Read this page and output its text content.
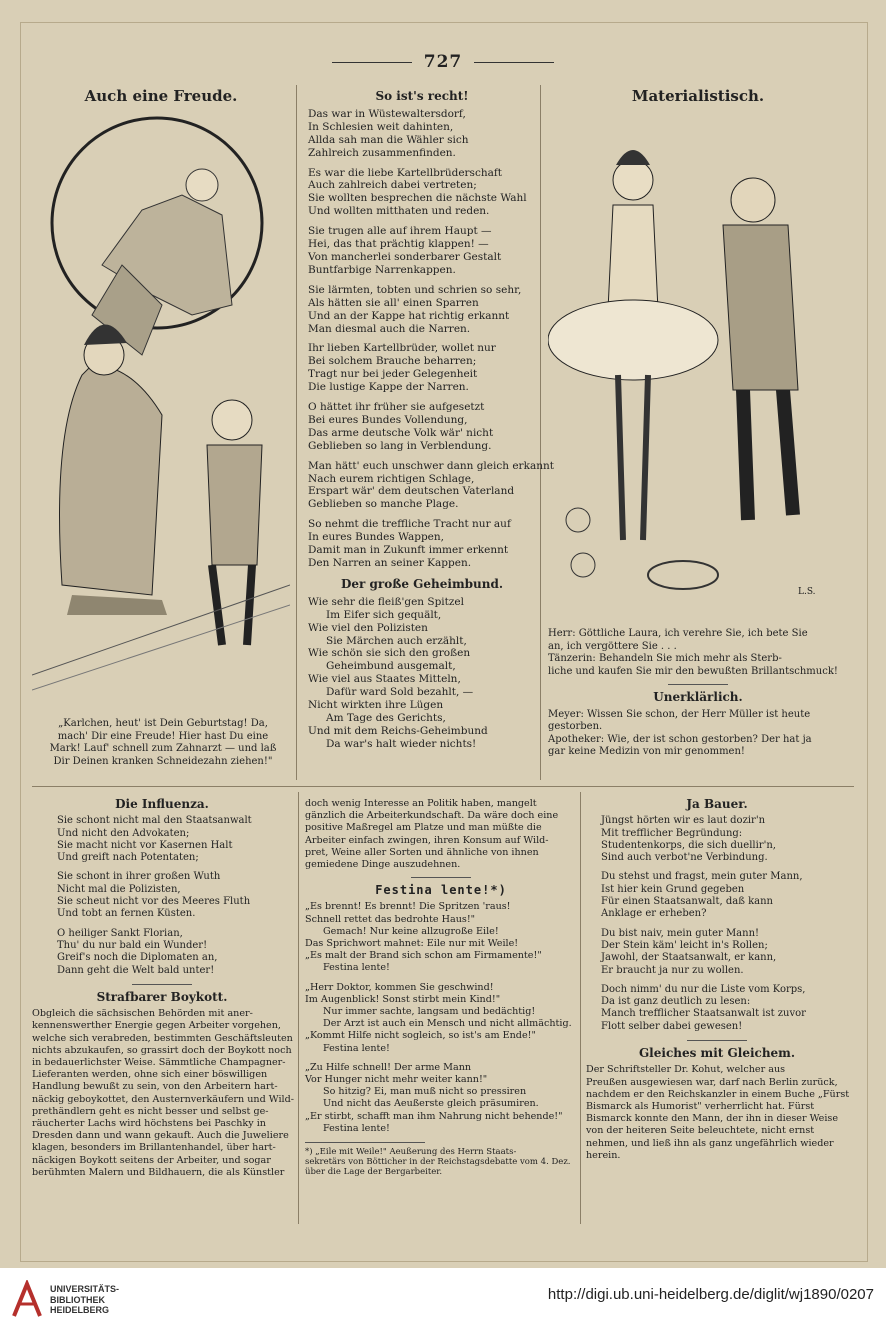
727
Auch eine Freude.
„Karlchen, heut' ist Dein Geburtstag! Da,
mach' Dir eine Freude! Hier hast Du eine
Mark! Lauf' schnell zum Zahnarzt — und laß
Dir Deinen kranken Schneidezahn ziehen!"
So ist's recht!
Das war in Wüstewaltersdorf,
In Schlesien weit dahinten,
Allda sah man die Wähler sich
Zahlreich zusammenfinden.
Es war die liebe Kartellbrüderschaft
Auch zahlreich dabei vertreten;
Sie wollten besprechen die nächste Wahl
Und wollten mitthaten und reden.
Sie trugen alle auf ihrem Haupt —
Hei, das that prächtig klappen! —
Von mancherlei sonderbarer Gestalt
Buntfarbige Narrenkappen.
Sie lärmten, tobten und schrien so sehr,
Als hätten sie all' einen Sparren
Und an der Kappe hat richtig erkannt
Man diesmal auch die Narren.
Ihr lieben Kartellbrüder, wollet nur
Bei solchem Brauche beharren;
Tragt nur bei jeder Gelegenheit
Die lustige Kappe der Narren.
O hättet ihr früher sie aufgesetzt
Bei eures Bundes Vollendung,
Das arme deutsche Volk wär' nicht
Geblieben so lang in Verblendung.
Man hätt' euch unschwer dann gleich erkannt
Nach eurem richtigen Schlage,
Erspart wär' dem deutschen Vaterland
Geblieben so manche Plage.
So nehmt die treffliche Tracht nur auf
In eures Bundes Wappen,
Damit man in Zukunft immer erkennt
Den Narren an seiner Kappen.
Der große Geheimbund.
Wie sehr die fleiß'gen Spitzel
Im Eifer sich gequält,
Wie viel den Polizisten
Sie Märchen auch erzählt,
Wie schön sie sich den großen
Geheimbund ausgemalt,
Wie viel aus Staates Mitteln,
Dafür ward Sold bezahlt, —
Nicht wirkten ihre Lügen
Am Tage des Gerichts,
Und mit dem Reichs-Geheimbund
Da war's halt wieder nichts!
Materialistisch.
L.S.
Herr: Göttliche Laura, ich verehre Sie, ich bete Sie
an, ich vergöttere Sie . . .
Tänzerin: Behandeln Sie mich mehr als Sterb-
liche und kaufen Sie mir den bewußten Brillantschmuck!
Unerklärlich.
Meyer: Wissen Sie schon, der Herr Müller ist heute
gestorben.
Apotheker: Wie, der ist schon gestorben? Der hat ja
gar keine Medizin von mir genommen!
Die Influenza.
Sie schont nicht mal den Staatsanwalt
Und nicht den Advokaten;
Sie macht nicht vor Kasernen Halt
Und greift nach Potentaten;
Sie schont in ihrer großen Wuth
Nicht mal die Polizisten,
Sie scheut nicht vor des Meeres Fluth
Und tobt an fernen Küsten.
O heiliger Sankt Florian,
Thu' du nur bald ein Wunder!
Greif's noch die Diplomaten an,
Dann geht die Welt bald unter!
Strafbarer Boykott.
Obgleich die sächsischen Behörden mit aner-
kennenswerther Energie gegen Arbeiter vorgehen,
welche sich verabreden, bestimmten Geschäftsleuten
nichts abzukaufen, so grassirt doch der Boykott noch
in bedauerlichster Weise. Sämmtliche Champagner-
Lieferanten werden, ohne sich einer böswilligen
Handlung bewußt zu sein, von den Arbeitern hart-
näckig geboykottet, den Austernverkäufern und Wild-
prethändlern geht es nicht besser und selbst ge-
räucherter Lachs wird höchstens bei Paschky in
Dresden dann und wann gekauft. Auch die Juweliere
klagen, besonders im Brillantenhandel, über hart-
näckigen Boykott seitens der Arbeiter, und sogar
berühmten Malern und Bildhauern, die als Künstler
doch wenig Interesse an Politik haben, mangelt
gänzlich die Arbeiterkundschaft. Da wäre doch eine
positive Maßregel am Platze und man müßte die
Arbeiter einfach zwingen, ihren Konsum auf Wild-
pret, Weine aller Sorten und ähnliche von ihnen
gemiedene Dinge auszudehnen.
Festina lente!*)
„Es brennt! Es brennt! Die Spritzen 'raus!
Schnell rettet das bedrohte Haus!"
Gemach! Nur keine allzugroße Eile!
Das Sprichwort mahnet: Eile nur mit Weile!
„Es malt der Brand sich schon am Firmamente!"
Festina lente!
„Herr Doktor, kommen Sie geschwind!
Im Augenblick! Sonst stirbt mein Kind!"
Nur immer sachte, langsam und bedächtig!
Der Arzt ist auch ein Mensch und nicht allmächtig.
„Kommt Hilfe nicht sogleich, so ist's am Ende!"
Festina lente!
„Zu Hilfe schnell! Der arme Mann
Vor Hunger nicht mehr weiter kann!"
So hitzig? Ei, man muß nicht so pressiren
Und nicht das Aeußerste gleich präsumiren.
„Er stirbt, schafft man ihm Nahrung nicht behende!"
Festina lente!
*) „Eile mit Weile!" Aeußerung des Herrn Staats-
sekretärs von Bötticher in der Reichstagsdebatte vom 4. Dez.
über die Lage der Bergarbeiter.
Ja Bauer.
Jüngst hörten wir es laut dozir'n
Mit trefflicher Begründung:
Studentenkorps, die sich duellir'n,
Sind auch verbot'ne Verbindung.
Du stehst und fragst, mein guter Mann,
Ist hier kein Grund gegeben
Für einen Staatsanwalt, daß kann
Anklage er erheben?
Du bist naiv, mein guter Mann!
Der Stein käm' leicht in's Rollen;
Jawohl, der Staatsanwalt, er kann,
Er braucht ja nur zu wollen.
Doch nimm' du nur die Liste vom Korps,
Da ist ganz deutlich zu lesen:
Manch trefflicher Staatsanwalt ist zuvor
Flott selber dabei gewesen!
Gleiches mit Gleichem.
Der Schriftsteller Dr. Kohut, welcher aus
Preußen ausgewiesen war, darf nach Berlin zurück,
nachdem er den Reichskanzler in einem Buche „Fürst
Bismarck als Humorist" verherrlicht hat. Fürst
Bismarck konnte den Mann, der ihn in dieser Weise
von der heiteren Seite beleuchtete, nicht ernst
nehmen, und ließ ihn als ganz ungefährlich wieder
herein.
UNIVERSITÄTS-
BIBLIOTHEK
HEIDELBERG
http://digi.ub.uni-heidelberg.de/diglit/wj1890/0207
